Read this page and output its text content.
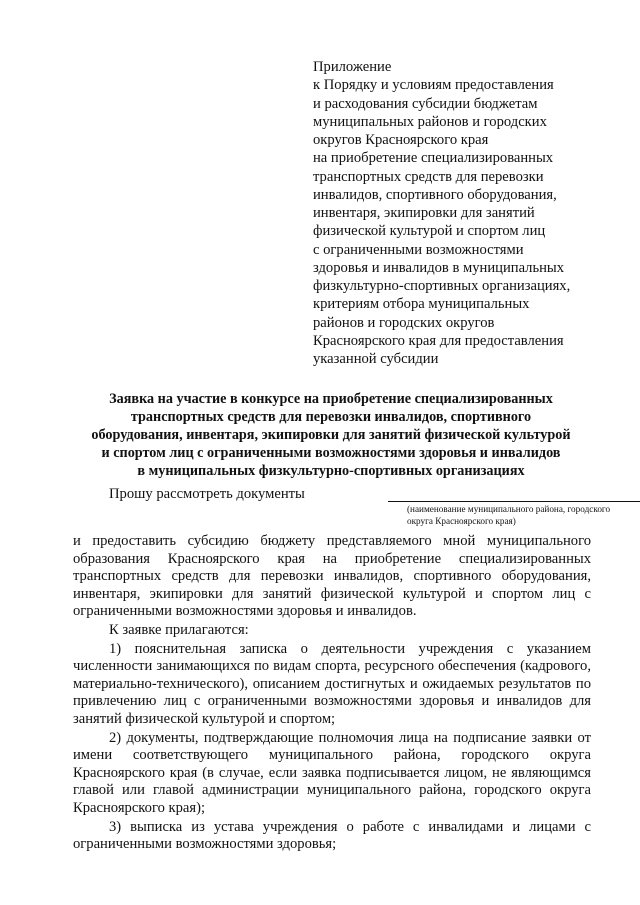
Приложение
к Порядку и условиям предоставления
и расходования субсидии бюджетам
муниципальных районов и городских
округов Красноярского края
на приобретение специализированных
транспортных средств для перевозки
инвалидов, спортивного оборудования,
инвентаря, экипировки для занятий
физической культурой и спортом лиц
с ограниченными возможностями
здоровья и инвалидов в муниципальных
физкультурно-спортивных организациях,
критериям отбора муниципальных
районов и городских округов
Красноярского края для предоставления
указанной субсидии
Заявка на участие в конкурсе на приобретение специализированных
транспортных средств для перевозки инвалидов, спортивного
оборудования, инвентаря, экипировки для занятий физической культурой
и спортом лиц с ограниченными возможностями здоровья и инвалидов
в муниципальных физкультурно-спортивных организациях
Прошу рассмотреть документы
(наименование муниципального района, городского
округа Красноярского края)

и предоставить субсидию бюджету представляемого мной муниципального образования Красноярского края на приобретение специализированных транспортных средств для перевозки инвалидов, спортивного оборудования, инвентаря, экипировки для занятий физической культурой и спортом лиц с ограниченными возможностями здоровья и инвалидов.

К заявке прилагаются:

1) пояснительная записка о деятельности учреждения с указанием численности занимающихся по видам спорта, ресурсного обеспечения (кадрового, материально-технического), описанием достигнутых и ожидаемых результатов по привлечению лиц с ограниченными возможностями здоровья и инвалидов для занятий физической культурой и спортом;

2) документы, подтверждающие полномочия лица на подписание заявки от имени соответствующего муниципального района, городского округа Красноярского края (в случае, если заявка подписывается лицом, не являющимся главой или главой администрации муниципального района, городского округа Красноярского края);

3) выписка из устава учреждения о работе с инвалидами и лицами с ограниченными возможностями здоровья;
